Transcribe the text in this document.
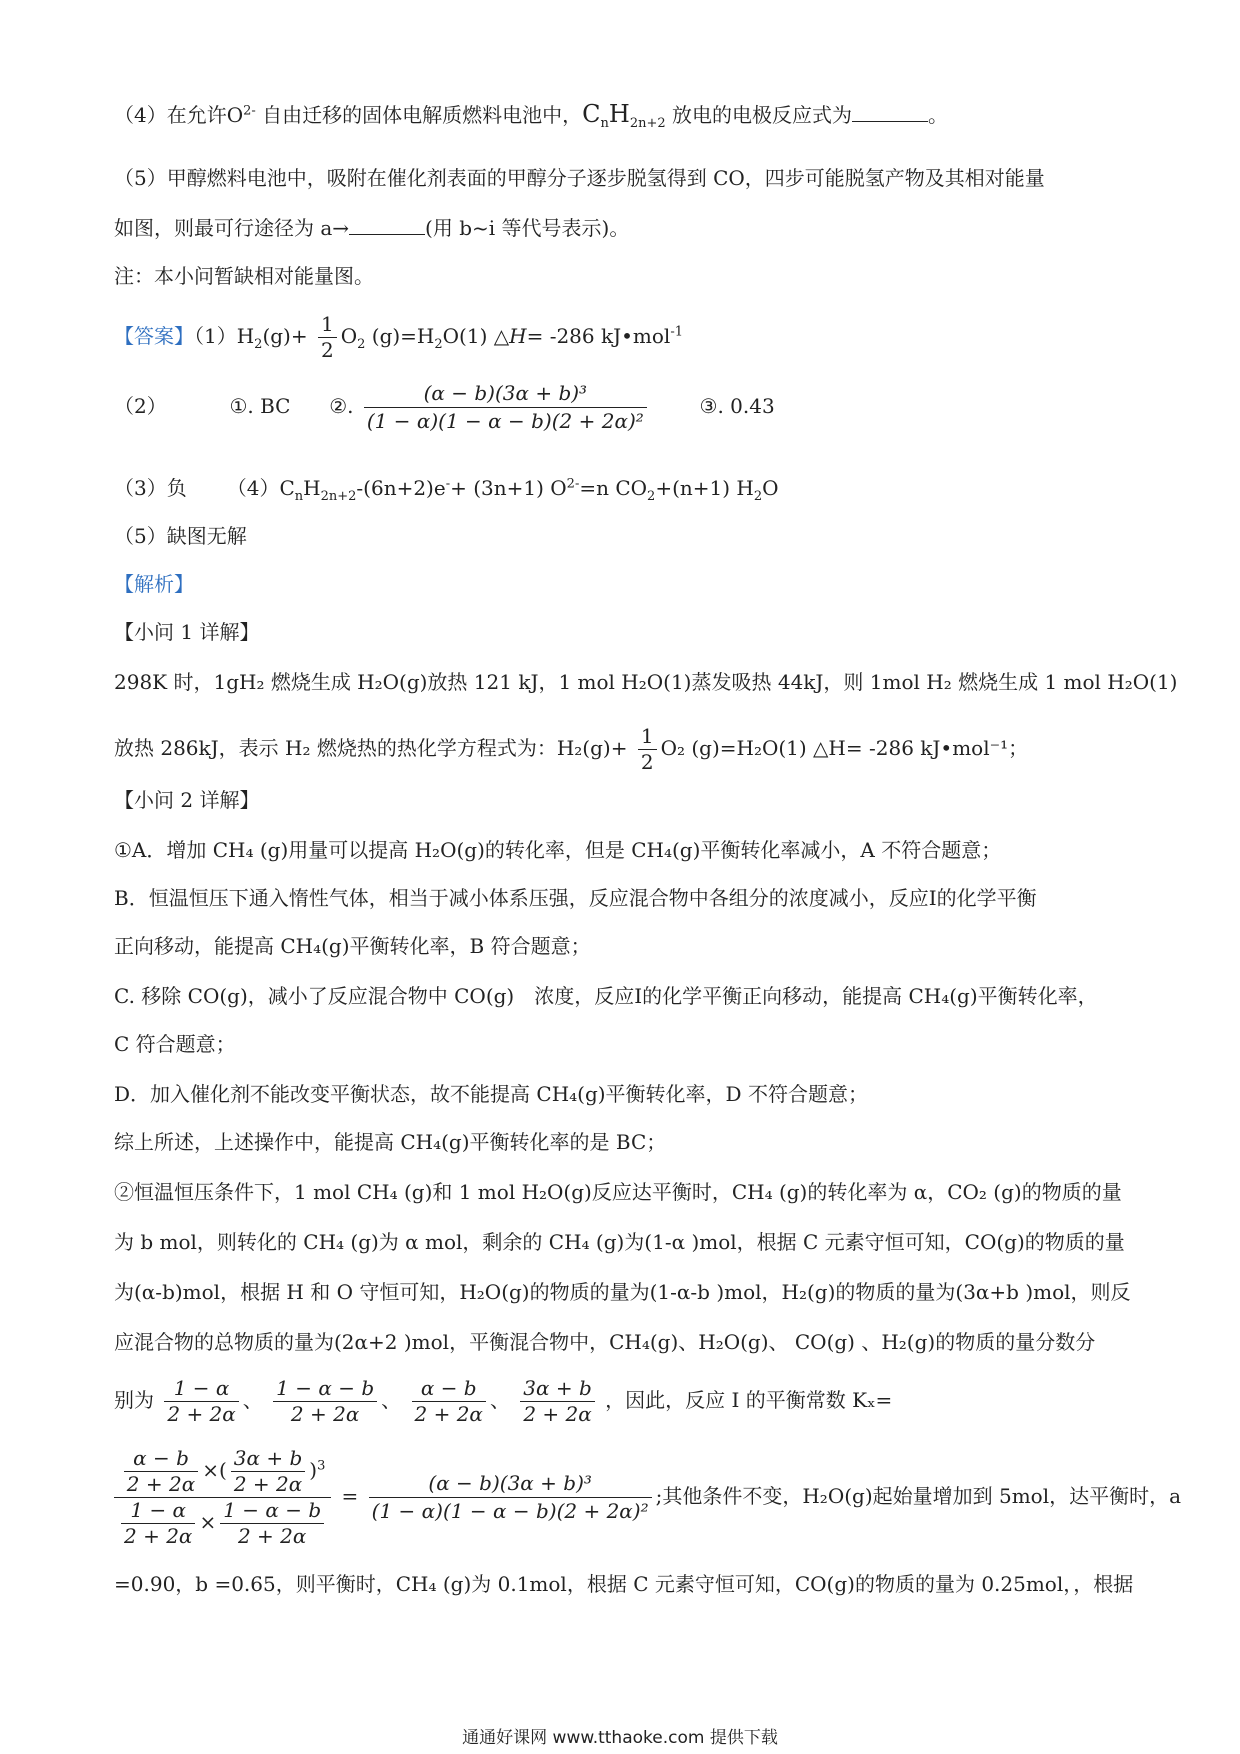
（4）在允许$O^{2-}$ 自由迁移的固体电解质燃料电池中，$C_nH_{2n+2}$ 放电的电极反应式为	。
（5）甲醇燃料电池中，吸附在催化剂表面的甲醇分子逐步脱氢得到 CO，四步可能脱氢产物及其相对能量
如图，则最可行途径为 a→	(用 b~i 等代号表示)。
注：本小问暂缺相对能量图。
【答案】$(1)H_2(g)+ \frac{1}{2} O_2$ $(g)=H_2O(1)$ △H= -286 kJ•mol$^{-1}$
（2）	①. BC ②. $\frac{\text{(α − b)(3α + b)³}}{\text{(1 − α)(1 − α − b)(2 + 2α)²}}$	③. 0.43
（3）负 $(4)C_nH_{2n+2}-(6n+2)e^-+ (3n+1)$ $O^{2-}=n$ $CO_2+(n+1)$ $H_2O$
（5）缺图无解
【解析】
【小问 1 详解】
298K 时，1gH₂ 燃烧生成 H₂O(g)放热 121 kJ，1 mol H₂O(1)蒸发吸热 44kJ，则 1mol H₂ 燃烧生成 1 mol H₂O(1)
放热 286kJ，表示 H₂ 燃烧热的热化学方程式为：$H_2(g)+ \frac{1}{2} O_2$ (g)=H₂O(1) △H= -286 kJ•mol⁻¹；
【小问 2 详解】
①A．增加 CH₄ (g)用量可以提高 H₂O(g)的转化率，但是 CH₄(g)平衡转化率减小，A 不符合题意；
B．恒温恒压下通入惰性气体，相当于减小体系压强，反应混合物中各组分的浓度减小，反应Ⅰ的化学平衡
正向移动，能提高 CH₄(g)平衡转化率，B 符合题意；
C. 移除 CO(g)，减小了反应混合物中 CO(g)　浓度，反应Ⅰ的化学平衡正向移动，能提高 CH₄(g)平衡转化率，
C 符合题意；
D．加入催化剂不能改变平衡状态，故不能提高 CH₄(g)平衡转化率，D 不符合题意；
综上所述，上述操作中，能提高 CH₄(g)平衡转化率的是 BC；
②恒温恒压条件下，1 mol CH₄ (g)和 1 mol H₂O(g)反应达平衡时，CH₄ (g)的转化率为 α，CO₂ (g)的物质的量
为 b mol，则转化的 CH₄ (g)为 α mol，剩余的 CH₄ (g)为(1-α )mol，根据 C 元素守恒可知，CO(g)的物质的量
为(α-b)mol，根据 H 和 O 守恒可知，H₂O(g)的物质的量为(1-α-b )mol，H₂(g)的物质的量为(3α+b )mol，则反
应混合物的总物质的量为(2α+2 )mol，平衡混合物中，CH₄(g)、H₂O(g)、 CO(g) 、H₂(g)的物质的量分数分
别为 $\frac{1 - \alpha}{2 + 2\alpha}$ 、 $\frac{1 - \alpha - b}{2 + 2\alpha}$ 、 $\frac{\alpha - b}{2 + 2\alpha}$ 、 $\frac{3\alpha + b}{2 + 2\alpha}$ ，因此，反应 I 的平衡常数 Kₓ=
$\frac{\frac{\alpha - b}{2 + 2\alpha} \times( \frac{3\alpha + b}{2 + 2\alpha} )^3}{\frac{1 - \alpha}{2 + 2\alpha} \times \frac{1 - \alpha - b}{2 + 2\alpha}} = \frac{\text{(α − b)(3α + b)³}}{\text{(1 − α)(1 − α − b)(2 + 2α)²}}$ ;其他条件不变，H₂O(g)起始量增加到 5mol，达平衡时，a
=0.90，b =0.65，则平衡时，CH₄ (g)为 0.1mol，根据 C 元素守恒可知，CO(g)的物质的量为 0.25mol，，根据
通通好课网 www.tthaoke.com 提供下载
